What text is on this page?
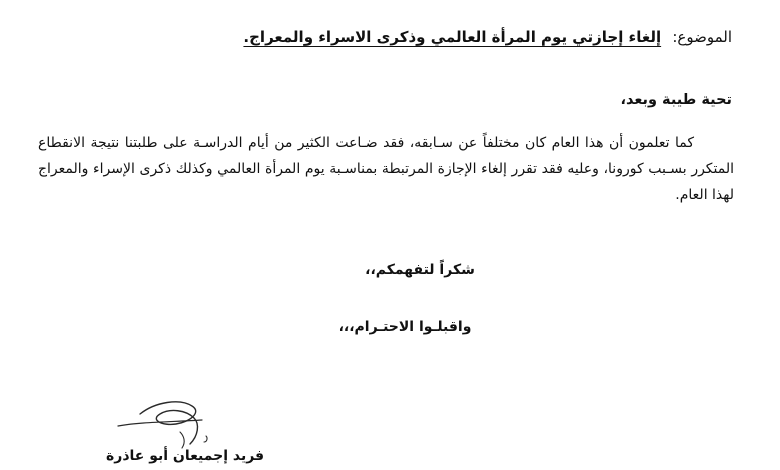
الموضوع: إلغاء إجازتي يوم المرأة العالمي وذكرى الاسراء والمعراج.
تحية طيبة وبعد،
كما تعلمون أن هذا العام كان مختلفاً عن سـابقه، فقد ضـاعت الكثير من أيام الدراسـة على طلبتنا نتيجة الانقطاع المتكرر بسـبب كورونا، وعليه فقد تقرر إلغاء الإجازة المرتبطة بمناسـبة يوم المرأة العالمي وكذلك ذكرى الإسراء والمعراج لهذا العام.
شكراً لتفهمكم،،
واقبلـوا الاحتـرام،،،
فريد إجميعان أبو عاذرة
